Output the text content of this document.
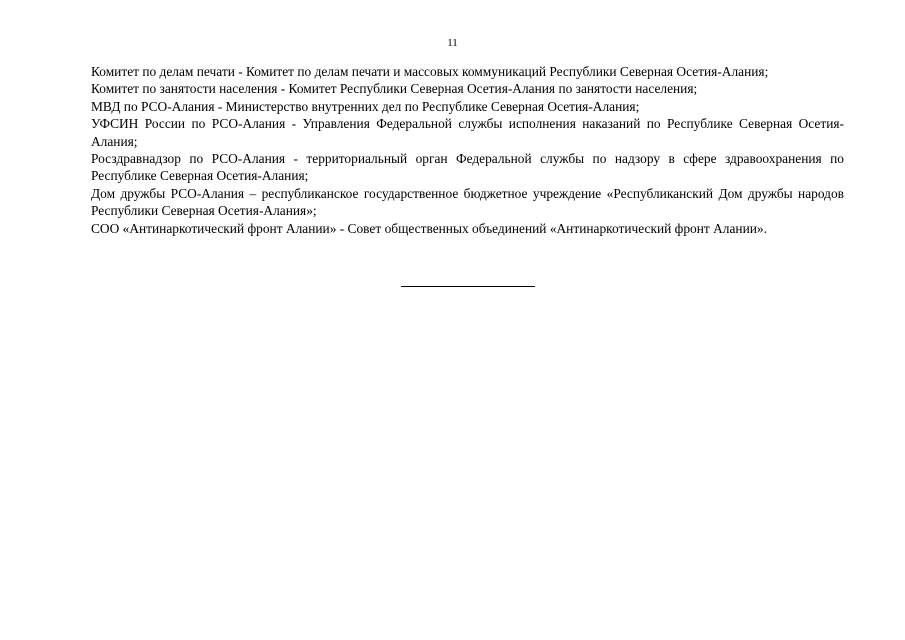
11
Комитет по делам печати - Комитет по делам печати и массовых коммуникаций Республики Северная Осетия-Алания;
Комитет по занятости населения - Комитет Республики Северная Осетия-Алания по занятости населения;
МВД по РСО-Алания - Министерство внутренних дел по Республике Северная Осетия-Алания;
УФСИН России по РСО-Алания - Управления Федеральной службы исполнения наказаний по Республике Северная Осетия-Алания;
Росздравнадзор по РСО-Алания - территориальный орган Федеральной службы по надзору в сфере здравоохранения по Республике Северная Осетия-Алания;
Дом дружбы РСО-Алания – республиканское государственное бюджетное учреждение «Республиканский Дом дружбы народов Республики Северная Осетия-Алания»;
СОО «Антинаркотический фронт Алании» - Совет общественных объединений «Антинаркотический фронт Алании».
